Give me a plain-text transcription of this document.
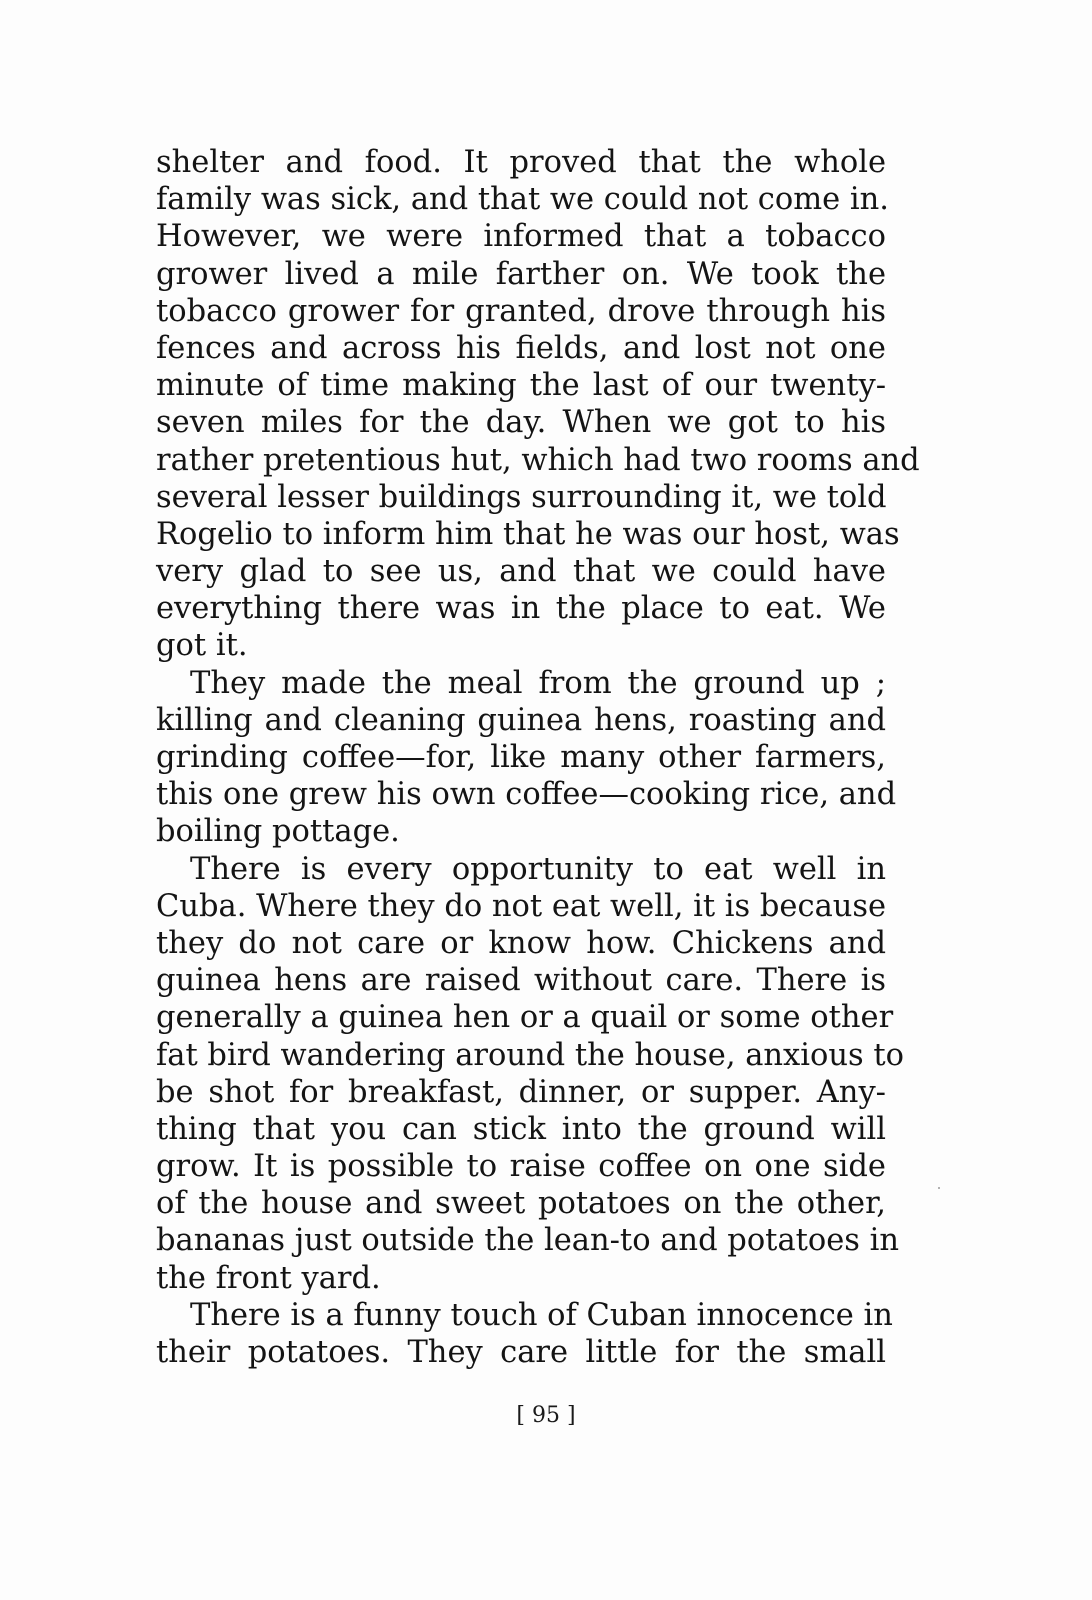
shelter and food. It proved that the whole
family was sick, and that we could not come in.
However, we were informed that a tobacco
grower lived a mile farther on. We took the
tobacco grower for granted, drove through his
fences and across his fields, and lost not one
minute of time making the last of our twenty-
seven miles for the day. When we got to his
rather pretentious hut, which had two rooms and
several lesser buildings surrounding it, we told
Rogelio to inform him that he was our host, was
very glad to see us, and that we could have
everything there was in the place to eat. We
got it.
They made the meal from the ground up ;
killing and cleaning guinea hens, roasting and
grinding coffee—for, like many other farmers,
this one grew his own coffee—cooking rice, and
boiling pottage.
There is every opportunity to eat well in
Cuba. Where they do not eat well, it is because
they do not care or know how. Chickens and
guinea hens are raised without care. There is
generally a guinea hen or a quail or some other
fat bird wandering around the house, anxious to
be shot for breakfast, dinner, or supper. Any-
thing that you can stick into the ground will
grow. It is possible to raise coffee on one side
of the house and sweet potatoes on the other,
bananas just outside the lean-to and potatoes in
the front yard.
There is a funny touch of Cuban innocence in
their potatoes. They care little for the small
[ 95 ]
